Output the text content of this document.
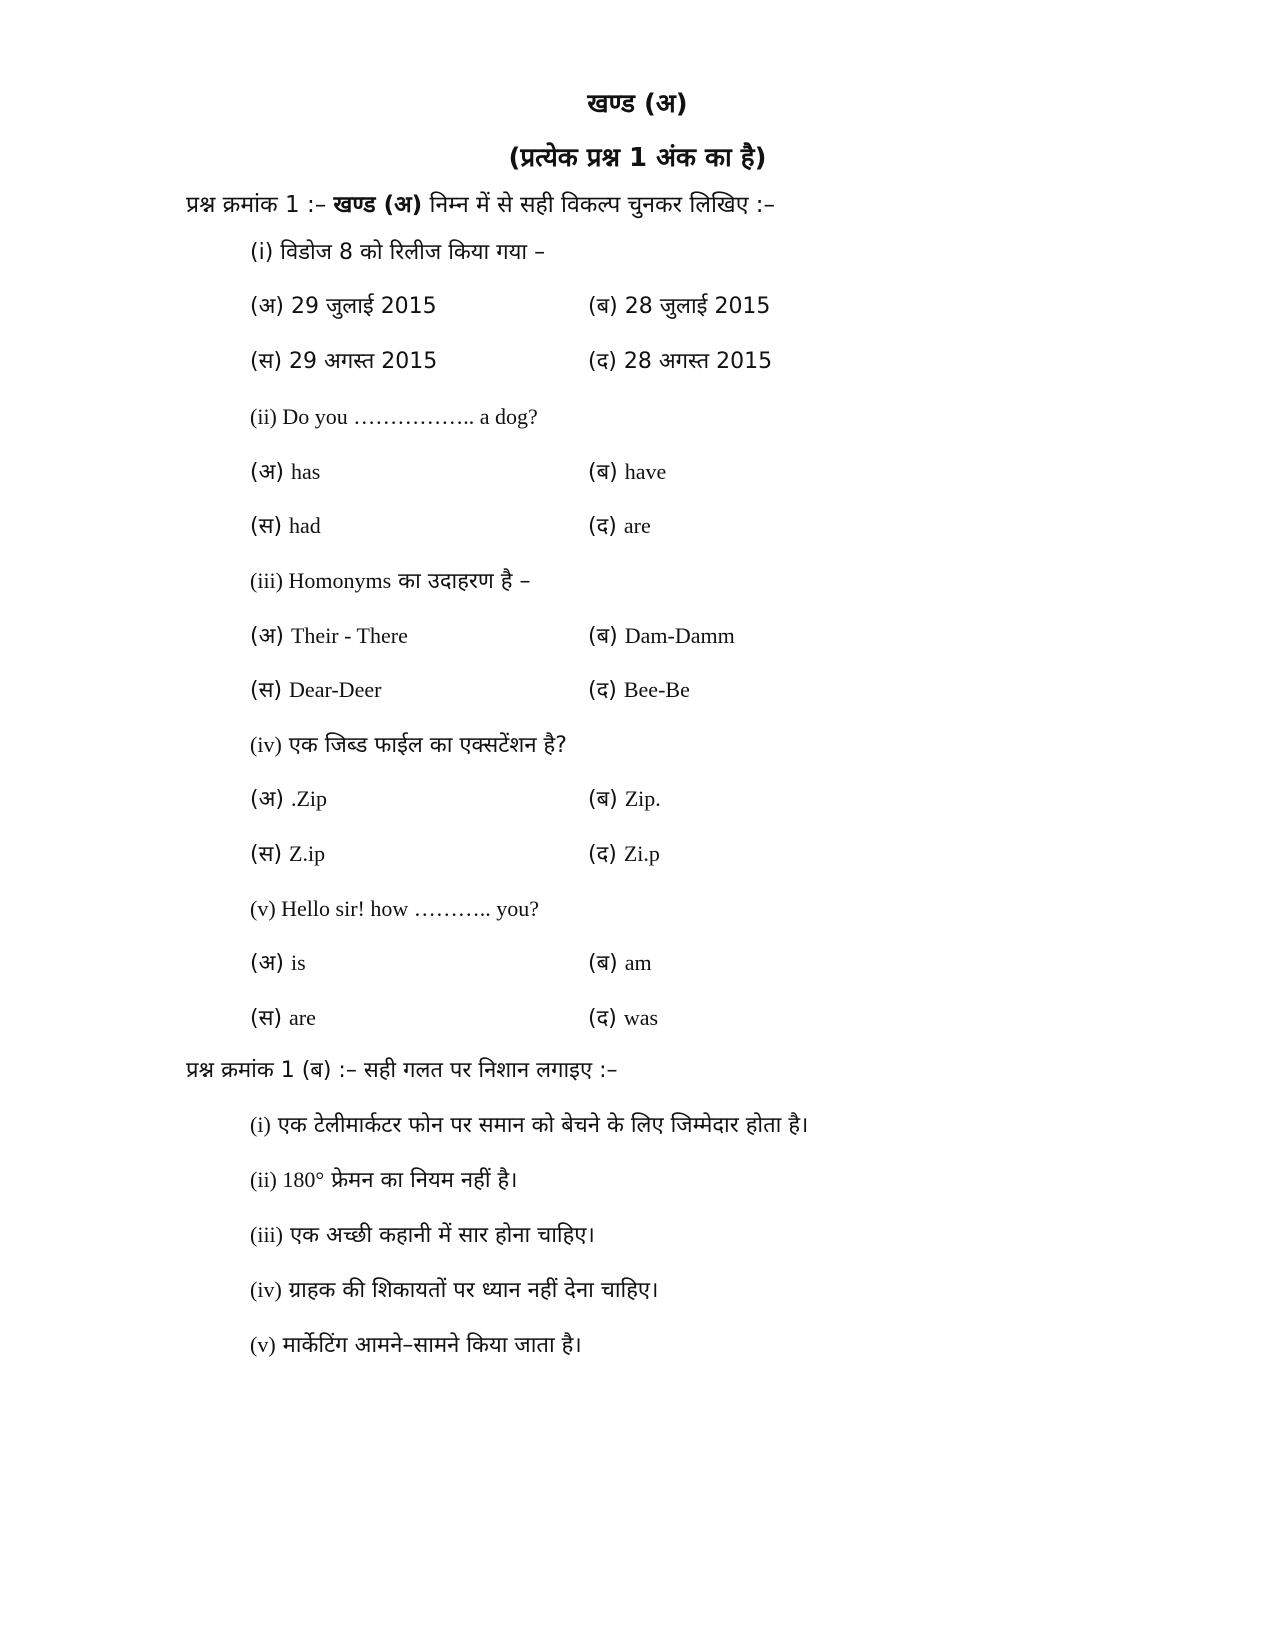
खण्ड (अ)
(प्रत्येक प्रश्न 1 अंक का है)
प्रश्न क्रमांक 1 :– खण्ड (अ) निम्न में से सही विकल्प चुनकर लिखिए :–
(i) विडोज 8 को रिलीज किया गया –
(अ) 29 जुलाई 2015	(ब) 28 जुलाई 2015
(स) 29 अगस्त 2015	(द) 28 अगस्त 2015
(ii) Do you …………….. a dog?
(अ) has	(ब) have
(स) had	(द) are
(iii) Homonyms का उदाहरण है –
(अ) Their - There	(ब) Dam-Damm
(स) Dear-Deer	(द) Bee-Be
(iv) एक जिब्ड फाईल का एक्सटेंशन है?
(अ) .Zip	(ब) Zip.
(स) Z.ip	(द) Zi.p
(v) Hello sir! how ……….. you?
(अ) is	(ब) am
(स) are	(द) was
प्रश्न क्रमांक 1 (ब) :– सही गलत पर निशान लगाइए :–
(i) एक टेलीमार्कटर फोन पर समान को बेचने के लिए जिम्मेदार होता है।
(ii) 180° फ्रेमन का नियम नहीं है।
(iii) एक अच्छी कहानी में सार होना चाहिए।
(iv) ग्राहक की शिकायतों पर ध्यान नहीं देना चाहिए।
(v) मार्केटिंग आमने–सामने किया जाता है।
